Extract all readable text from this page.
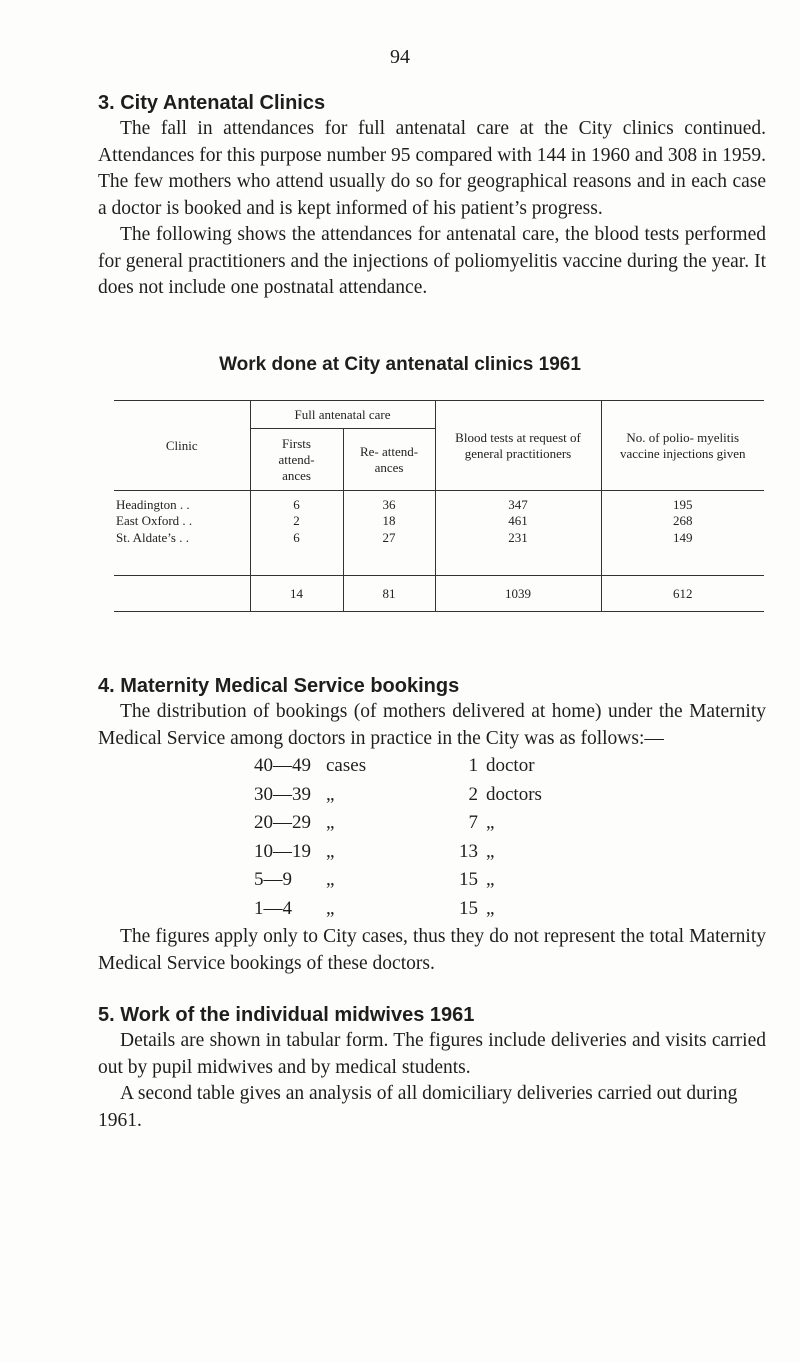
94
3. City Antenatal Clinics

The fall in attendances for full antenatal care at the City clinics continued. Attendances for this purpose number 95 compared with 144 in 1960 and 308 in 1959. The few mothers who attend usually do so for geographical reasons and in each case a doctor is booked and is kept informed of his patient’s progress.

The following shows the attendances for antenatal care, the blood tests performed for general practitioners and the injections of poliomyelitis vaccine during the year. It does not include one postnatal attendance.

Work done at City antenatal clinics 1961
Clinic	Full antenatal care		Blood tests at request of general practitioners	No. of polio- myelitis vaccine injections given
	Firsts attend- ances	Re- attend- ances		
Headington . .	6	36	347	195
East Oxford . .	2	18	461	268
St. Aldate’s . .	6	27	231	149

	14	81	1039	612

4. Maternity Medical Service bookings

The distribution of bookings (of mothers delivered at home) under the Maternity Medical Service among doctors in practice in the City was as follows:—

40—49 cases	1 doctor
30—39 „	2 doctors
20—29 „	7 „
10—19 „	13 „
5—9	„	15 „
1—4	„	15 „

The figures apply only to City cases, thus they do not represent the total Maternity Medical Service bookings of these doctors.

5. Work of the individual midwives 1961

Details are shown in tabular form. The figures include deliveries and visits carried out by pupil midwives and by medical students.

A second table gives an analysis of all domiciliary deliveries carried out during 1961.
